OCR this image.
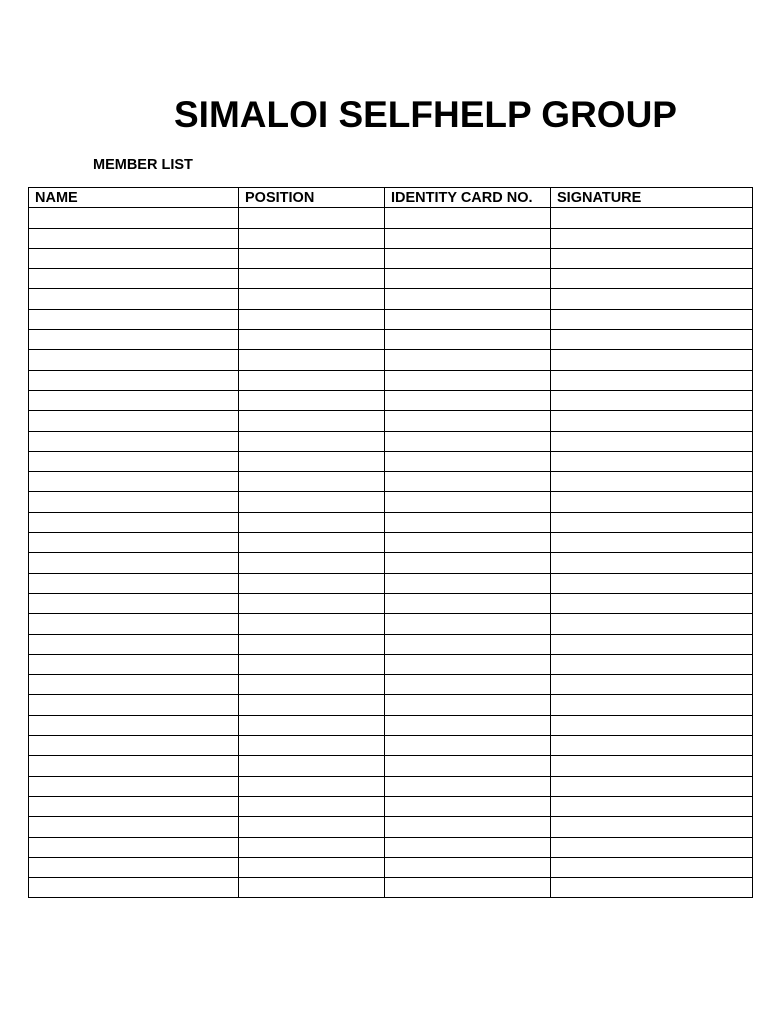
SIMALOI SELFHELP GROUP
MEMBER LIST
NAME	POSITION	IDENTITY CARD NO.	SIGNATURE
